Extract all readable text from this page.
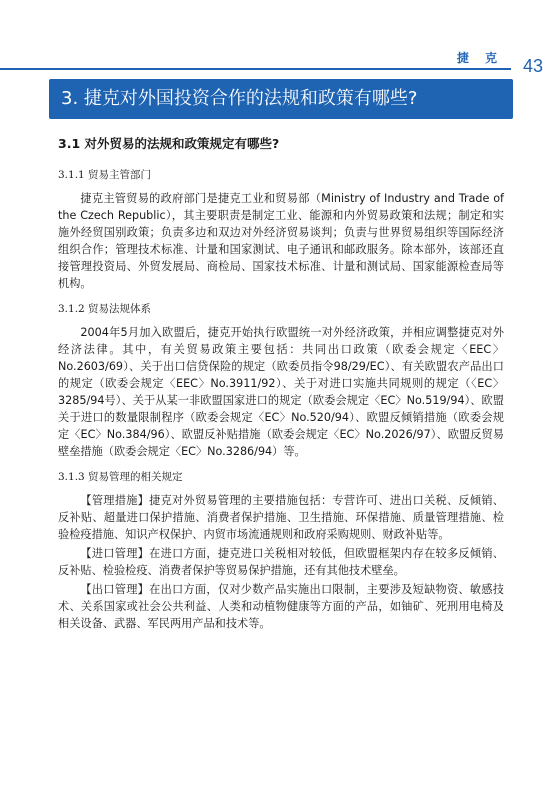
捷 克	43
3. 捷克对外国投资合作的法规和政策有哪些?
3.1 对外贸易的法规和政策规定有哪些?
3.1.1 贸易主管部门

捷克主管贸易的政府部门是捷克工业和贸易部（Ministry of Industry and Trade of the Czech Republic），其主要职责是制定工业、能源和内外贸易政策和法规；制定和实施外经贸国别政策；负责多边和双边对外经济贸易谈判；负责与世界贸易组织等国际经济组织合作；管理技术标准、计量和国家测试、电子通讯和邮政服务。除本部外，该部还直接管理投资局、外贸发展局、商检局、国家技术标准、计量和测试局、国家能源检查局等机构。

3.1.2 贸易法规体系

2004年5月加入欧盟后，捷克开始执行欧盟统一对外经济政策，并相应调整捷克对外经济法律。其中，有关贸易政策主要包括：共同出口政策（欧委会规定〈EEC〉No.2603/69）、关于出口信贷保险的规定（欧委员指令98/29/EC）、有关欧盟农产品出口的规定（欧委会规定〈EEC〉No.3911/92）、关于对进口实施共同规则的规定（〈EC〉3285/94号）、关于从某一非欧盟国家进口的规定（欧委会规定〈EC〉No.519/94）、欧盟关于进口的数量限制程序（欧委会规定〈EC〉No.520/94）、欧盟反倾销措施（欧委会规定〈EC〉No.384/96）、欧盟反补贴措施（欧委会规定〈EC〉No.2026/97）、欧盟反贸易壁垒措施（欧委会规定〈EC〉No.3286/94）等。

3.1.3 贸易管理的相关规定

【管理措施】捷克对外贸易管理的主要措施包括：专营许可、进出口关税、反倾销、反补贴、超量进口保护措施、消费者保护措施、卫生措施、环保措施、质量管理措施、检验检疫措施、知识产权保护、内贸市场流通规则和政府采购规则、财政补贴等。

【进口管理】在进口方面，捷克进口关税相对较低，但欧盟框架内存在较多反倾销、反补贴、检验检疫、消费者保护等贸易保护措施，还有其他技术壁垒。

【出口管理】在出口方面，仅对少数产品实施出口限制，主要涉及短缺物资、敏感技术、关系国家或社会公共利益、人类和动植物健康等方面的产品，如铀矿、死刑用电椅及相关设备、武器、军民两用产品和技术等。
